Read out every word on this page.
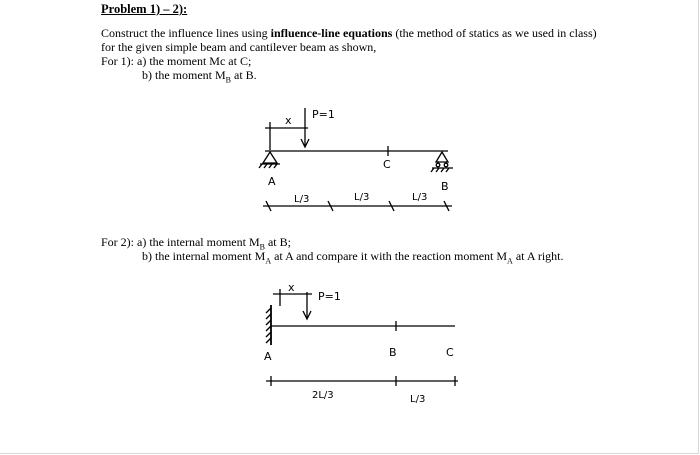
Problem 1) – 2):
Construct the influence lines using influence-line equations (the method of statics as we used in class) for the given simple beam and cantilever beam as shown,
For 1): a) the moment Mc at C;
b) the moment $M_B$ at B.
For 2): a) the internal moment $M_B$ at B;
b) the internal moment $M_A$ at A and compare it with the reaction moment $M_A$ at A right.
P=1
x
A	B
C
L/3	L/3	L/3
P=1
x
A	B	C
2L/3	L/3
